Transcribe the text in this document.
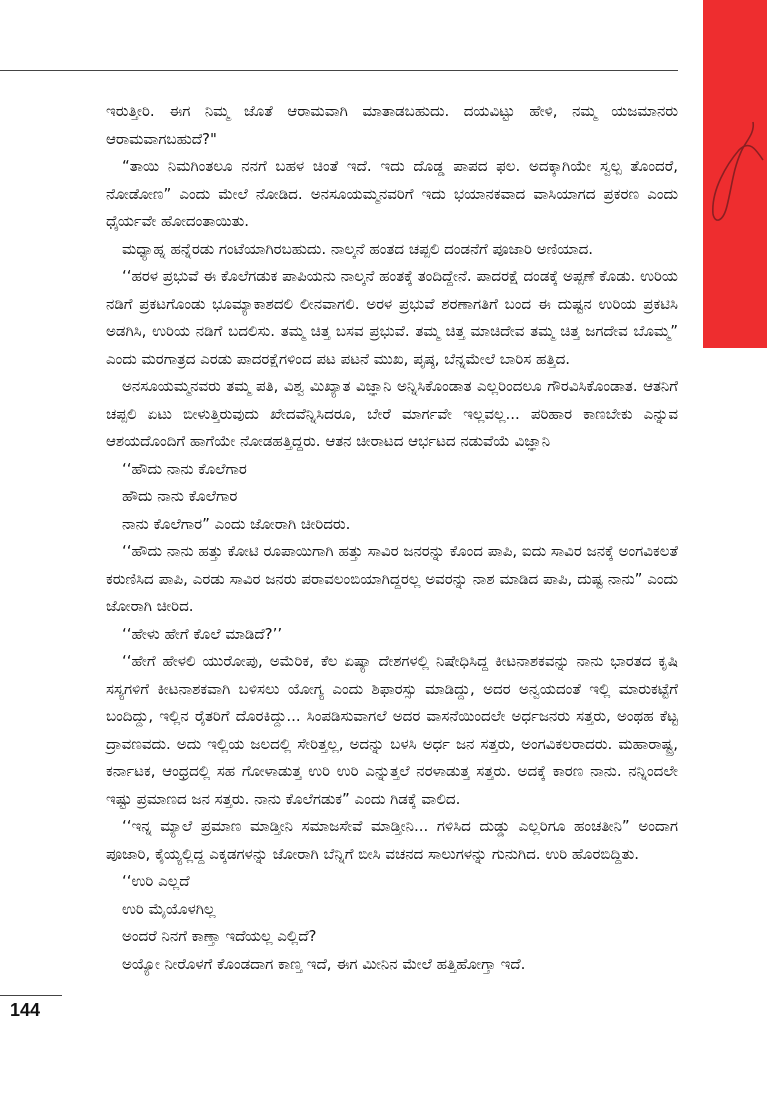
ಇರುತ್ತೀರಿ. ಈಗ ನಿಮ್ಮ ಜೊತೆ ಆರಾಮವಾಗಿ ಮಾತಾಡಬಹುದು. ದಯವಿಟ್ಟು ಹೇಳಿ, ನಮ್ಮ ಯಜಮಾನರು ಆರಾಮವಾಗಬಹುದೆ?"

“ತಾಯಿ ನಿಮಗಿಂತಲೂ ನನಗೆ ಬಹಳ ಚಿಂತೆ ಇದೆ. ಇದು ದೊಡ್ಡ ಪಾಪದ ಫಲ. ಅದಕ್ಕಾಗಿಯೇ ಸ್ವಲ್ಪ ತೊಂದರೆ, ನೋಡೋಣ” ಎಂದು ಮೇಲೆ ನೋಡಿದ. ಅನಸೂಯಮ್ಮನವರಿಗೆ ಇದು ಭಯಾನಕವಾದ ವಾಸಿಯಾಗದ ಪ್ರಕರಣ ಎಂದು ಧೈರ್ಯವೇ ಹೋದಂತಾಯಿತು.

ಮಧ್ಯಾಹ್ನ ಹನ್ನೆರಡು ಗಂಟೆಯಾಗಿರಬಹುದು. ನಾಲ್ಕನೆ ಹಂತದ ಚಪ್ಪಲಿ ದಂಡನೆಗೆ ಪೂಜಾರಿ ಅಣಿಯಾದ.

‘‘ಹರಳ ಪ್ರಭುವೆ ಈ ಕೊಲೆಗಡುಕ ಪಾಪಿಯನು ನಾಲ್ಕನೆ ಹಂತಕ್ಕೆ ತಂದಿದ್ದೇನೆ. ಪಾದರಕ್ಷೆ ದಂಡಕ್ಕೆ ಅಪ್ಪಣೆ ಕೊಡು. ಉರಿಯ ನಡಿಗೆ ಪ್ರಕಟಗೊಂಡು ಭೂಮ್ಯಾಕಾಶದಲಿ ಲೀನವಾಗಲಿ. ಅರಳ ಪ್ರಭುವೆ ಶರಣಾಗತಿಗೆ ಬಂದ ಈ ದುಷ್ಟನ ಉರಿಯ ಪ್ರಕಟಿಸಿ ಅಡಗಿಸಿ, ಉರಿಯ ನಡಿಗೆ ಬದಲಿಸು. ತಮ್ಮ ಚಿತ್ತ ಬಸವ ಪ್ರಭುವೆ. ತಮ್ಮ ಚಿತ್ತ ಮಾಚಿದೇವ ತಮ್ಮ ಚಿತ್ತ ಜಗದೇವ ಬೊಮ್ಮ” ಎಂದು ಮರಗಾತ್ರದ ಎರಡು ಪಾದರಕ್ಷೆಗಳಿಂದ ಪಟ ಪಟನೆ ಮುಖ, ಪೃಷ್ಠ, ಬೆನ್ನಮೇಲೆ ಬಾರಿಸ ಹತ್ತಿದ.

ಅನಸೂಯಮ್ಮನವರು ತಮ್ಮ ಪತಿ, ವಿಶ್ವ ಮಿಖ್ಯಾತ ವಿಜ್ಞಾನಿ ಅನ್ನಿಸಿಕೊಂಡಾತ ಎಲ್ಲರಿಂದಲೂ ಗೌರವಿಸಿಕೊಂಡಾತ. ಆತನಿಗೆ ಚಪ್ಪಲಿ ಏಟು ಬೀಳುತ್ತಿರುವುದು ಖೇದವೆನ್ನಿಸಿದರೂ, ಬೇರೆ ಮಾರ್ಗವೇ ಇಲ್ಲವಲ್ಲ... ಪರಿಹಾರ ಕಾಣಬೇಕು ಎನ್ನುವ ಆಶಯದೊಂದಿಗೆ ಹಾಗೆಯೇ ನೋಡಹತ್ತಿದ್ದರು. ಆತನ ಚೀರಾಟದ ಆರ್ಭಟದ ನಡುವೆಯೆ ವಿಜ್ಞಾನಿ

‘‘ಹೌದು ನಾನು ಕೊಲೆಗಾರ

ಹೌದು ನಾನು ಕೊಲೆಗಾರ

ನಾನು ಕೊಲೆಗಾರ” ಎಂದು ಜೋರಾಗಿ ಚೀರಿದರು.

‘‘ಹೌದು ನಾನು ಹತ್ತು ಕೋಟಿ ರೂಪಾಯಿಗಾಗಿ ಹತ್ತು ಸಾವಿರ ಜನರನ್ನು ಕೊಂದ ಪಾಪಿ, ಐದು ಸಾವಿರ ಜನಕ್ಕೆ ಅಂಗವಿಕಲತೆ ಕರುಣಿಸಿದ ಪಾಪಿ, ಎರಡು ಸಾವಿರ ಜನರು ಪರಾವಲಂಬಿಯಾಗಿದ್ದರಲ್ಲ ಅವರನ್ನು ನಾಶ ಮಾಡಿದ ಪಾಪಿ, ದುಷ್ಟ ನಾನು” ಎಂದು ಜೋರಾಗಿ ಚೀರಿದ.

‘‘ಹೇಳು ಹೇಗೆ ಕೊಲೆ ಮಾಡಿದೆ?’’

‘‘ಹೇಗೆ ಹೇಳಲಿ ಯುರೋಪು, ಅಮೆರಿಕ, ಕೆಲ ಏಷ್ಯಾ ದೇಶಗಳಲ್ಲಿ ನಿಷೇಧಿಸಿದ್ದ ಕೀಟನಾಶಕವನ್ನು ನಾನು ಭಾರತದ ಕೃಷಿ ಸಸ್ಯಗಳಿಗೆ ಕೀಟನಾಶಕವಾಗಿ ಬಳಿಸಲು ಯೋಗ್ಯ ಎಂದು ಶಿಫಾರಸ್ಸು ಮಾಡಿದ್ದು, ಅದರ ಅನ್ವಯದಂತೆ ಇಲ್ಲಿ ಮಾರುಕಟ್ಟೆಗೆ ಬಂದಿದ್ದು, ಇಲ್ಲಿನ ರೈತರಿಗೆ ದೊರಕಿದ್ದು... ಸಿಂಪಡಿಸುವಾಗಲೆ ಅದರ ವಾಸನೆಯಿಂದಲೇ ಅರ್ಧಜನರು ಸತ್ತರು, ಅಂಥಹ ಕೆಟ್ಟ ದ್ರಾವಣವದು. ಅದು ಇಲ್ಲಿಯ ಜಲದಲ್ಲಿ ಸೇರಿತ್ತಲ್ಲ, ಅದನ್ನು ಬಳಸಿ ಅರ್ಧ ಜನ ಸತ್ತರು, ಅಂಗವಿಕಲರಾದರು. ಮಹಾರಾಷ್ಟ್ರ, ಕರ್ನಾಟಕ, ಆಂಧ್ರದಲ್ಲಿ ಸಹ ಗೋಳಾಡುತ್ತ ಉರಿ ಉರಿ ಎನ್ನುತ್ತಲೆ ನರಳಾಡುತ್ತ ಸತ್ತರು. ಅದಕ್ಕೆ ಕಾರಣ ನಾನು. ನನ್ನಿಂದಲೇ ಇಷ್ಟು ಪ್ರಮಾಣದ ಜನ ಸತ್ತರು. ನಾನು ಕೊಲೆಗಡುಕ” ಎಂದು ಗಿಡಕ್ಕೆ ವಾಲಿದ.

‘‘ಇನ್ನ ಮ್ಯಾಲೆ ಪ್ರಮಾಣ ಮಾಡ್ತೀನಿ ಸಮಾಜಸೇವೆ ಮಾಡ್ತೀನಿ... ಗಳಿಸಿದ ದುಡ್ಡು ಎಲ್ಲರಿಗೂ ಹಂಚತೀನಿ” ಅಂದಾಗ ಪೂಜಾರಿ, ಕೈಯ್ಯಲ್ಲಿದ್ದ ಎಕ್ಕಡಗಳನ್ನು ಜೋರಾಗಿ ಬೆನ್ನಿಗೆ ಬೀಸಿ ವಚನದ ಸಾಲುಗಳನ್ನು ಗುನುಗಿದ. ಉರಿ ಹೊರಬಿದ್ದಿತು.

‘‘ಉರಿ ಎಲ್ಲದೆ

ಉರಿ ಮೈಯೊಳಗಿಲ್ಲ

ಅಂದರೆ ನಿನಗೆ ಕಾಣ್ತಾ ಇದೆಯಲ್ಲ ಎಲ್ಲಿದೆ?

ಅಯ್ಯೋ ನೀರೊಳಗೆ ಕೊಂಡದಾಗ ಕಾಣ್ತ ಇದೆ, ಈಗ ಮೀನಿನ ಮೇಲೆ ಹತ್ತಿಹೋಗ್ತಾ ಇದೆ.

144
